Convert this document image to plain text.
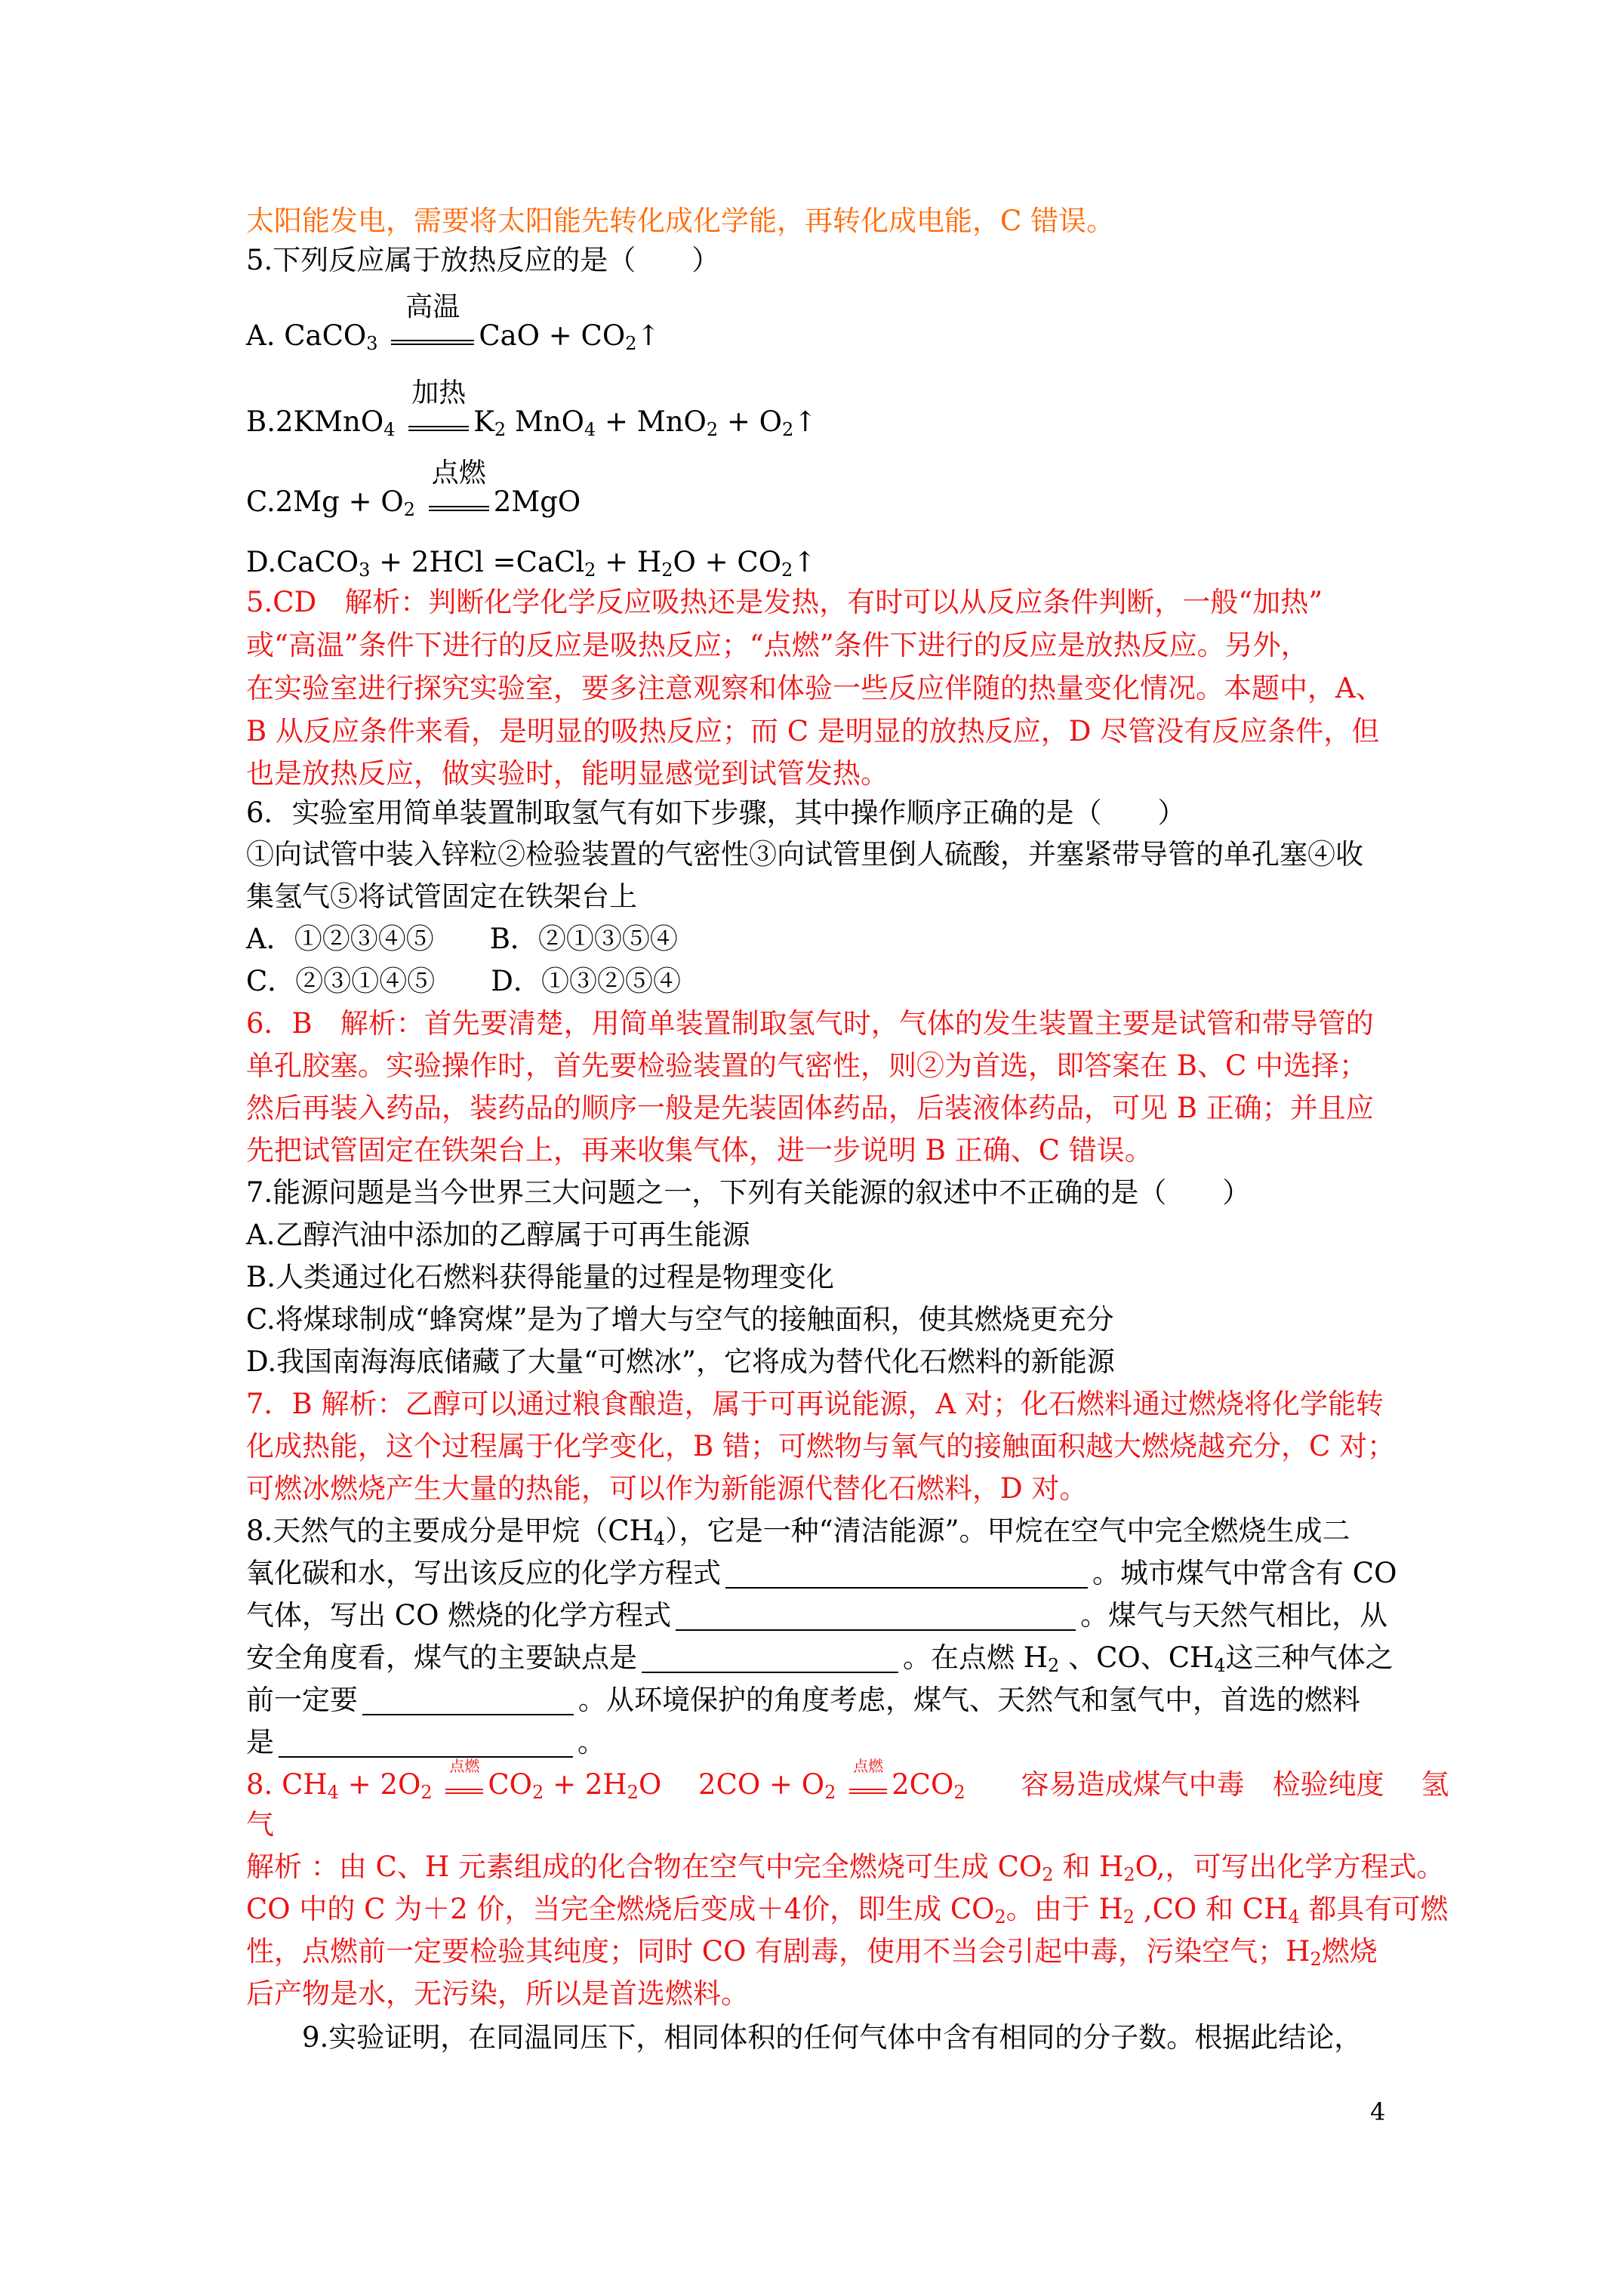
太阳能发电，需要将太阳能先转化成化学能，再转化成电能，C 错误。
5.下列反应属于放热反应的是（　　）
A. CaCO3
高温
CaO + CO2↑
B.2KMnO4
加热
K2 MnO4 + MnO2 + O2↑
C.2Mg + O2
点燃
2MgO
D.CaCO3 + 2HCl =CaCl2 + H2O + CO2↑
5.CD　解析：判断化学化学反应吸热还是发热，有时可以从反应条件判断，一般“加热”
或“高温”条件下进行的反应是吸热反应；“点燃”条件下进行的反应是放热反应。另外，
在实验室进行探究实验室，要多注意观察和体验一些反应伴随的热量变化情况。本题中，A、
B 从反应条件来看，是明显的吸热反应；而 C 是明显的放热反应，D 尽管没有反应条件，但
也是放热反应，做实验时，能明显感觉到试管发热。
6．实验室用简单装置制取氢气有如下步骤，其中操作顺序正确的是（　　）
①向试管中装入锌粒②检验装置的气密性③向试管里倒人硫酸，并塞紧带导管的单孔塞④收
集氢气⑤将试管固定在铁架台上
A．①②③④⑤　　B．②①③⑤④
C．②③①④⑤　　D．①③②⑤④
6．B　解析：首先要清楚，用简单装置制取氢气时，气体的发生装置主要是试管和带导管的
单孔胶塞。实验操作时，首先要检验装置的气密性，则②为首选，即答案在 B、C 中选择；
然后再装入药品，装药品的顺序一般是先装固体药品，后装液体药品，可见 B 正确；并且应
先把试管固定在铁架台上，再来收集气体，进一步说明 B 正确、C 错误。
7.能源问题是当今世界三大问题之一，下列有关能源的叙述中不正确的是（　　）
A.乙醇汽油中添加的乙醇属于可再生能源
B.人类通过化石燃料获得能量的过程是物理变化
C.将煤球制成“蜂窝煤”是为了增大与空气的接触面积，使其燃烧更充分
D.我国南海海底储藏了大量“可燃冰”，它将成为替代化石燃料的新能源
7．B 解析：乙醇可以通过粮食酿造，属于可再说能源，A 对；化石燃料通过燃烧将化学能转
化成热能，这个过程属于化学变化，B 错；可燃物与氧气的接触面积越大燃烧越充分，C 对；
可燃冰燃烧产生大量的热能，可以作为新能源代替化石燃料，D 对。
8.天然气的主要成分是甲烷（CH4），它是一种“清洁能源”。甲烷在空气中完全燃烧生成二
氧化碳和水，写出该反应的化学方程式	。城市煤气中常含有 CO
气体，写出 CO 燃烧的化学方程式	。煤气与天然气相比，从
安全角度看，煤气的主要缺点是	。在点燃 H2 、CO、CH4这三种气体之
前一定要	。从环境保护的角度考虑，煤气、天然气和氢气中，首选的燃料
是	。
8. CH4 + 2O2
点燃
CO2 + 2H2O　 2CO + O2
点燃
2CO2　　容易造成煤气中毒　检验纯度　 氢
气
解析 ：由 C、H 元素组成的化合物在空气中完全燃烧可生成 CO2 和 H2O,，可写出化学方程式。
CO 中的 C 为＋2 价，当完全燃烧后变成＋4价，即生成 CO2。由于 H2 ,CO 和 CH4 都具有可燃
性，点燃前一定要检验其纯度；同时 CO 有剧毒，使用不当会引起中毒，污染空气；H2燃烧
后产物是水，无污染，所以是首选燃料。
　　9.实验证明，在同温同压下，相同体积的任何气体中含有相同的分子数。根据此结论，
4
